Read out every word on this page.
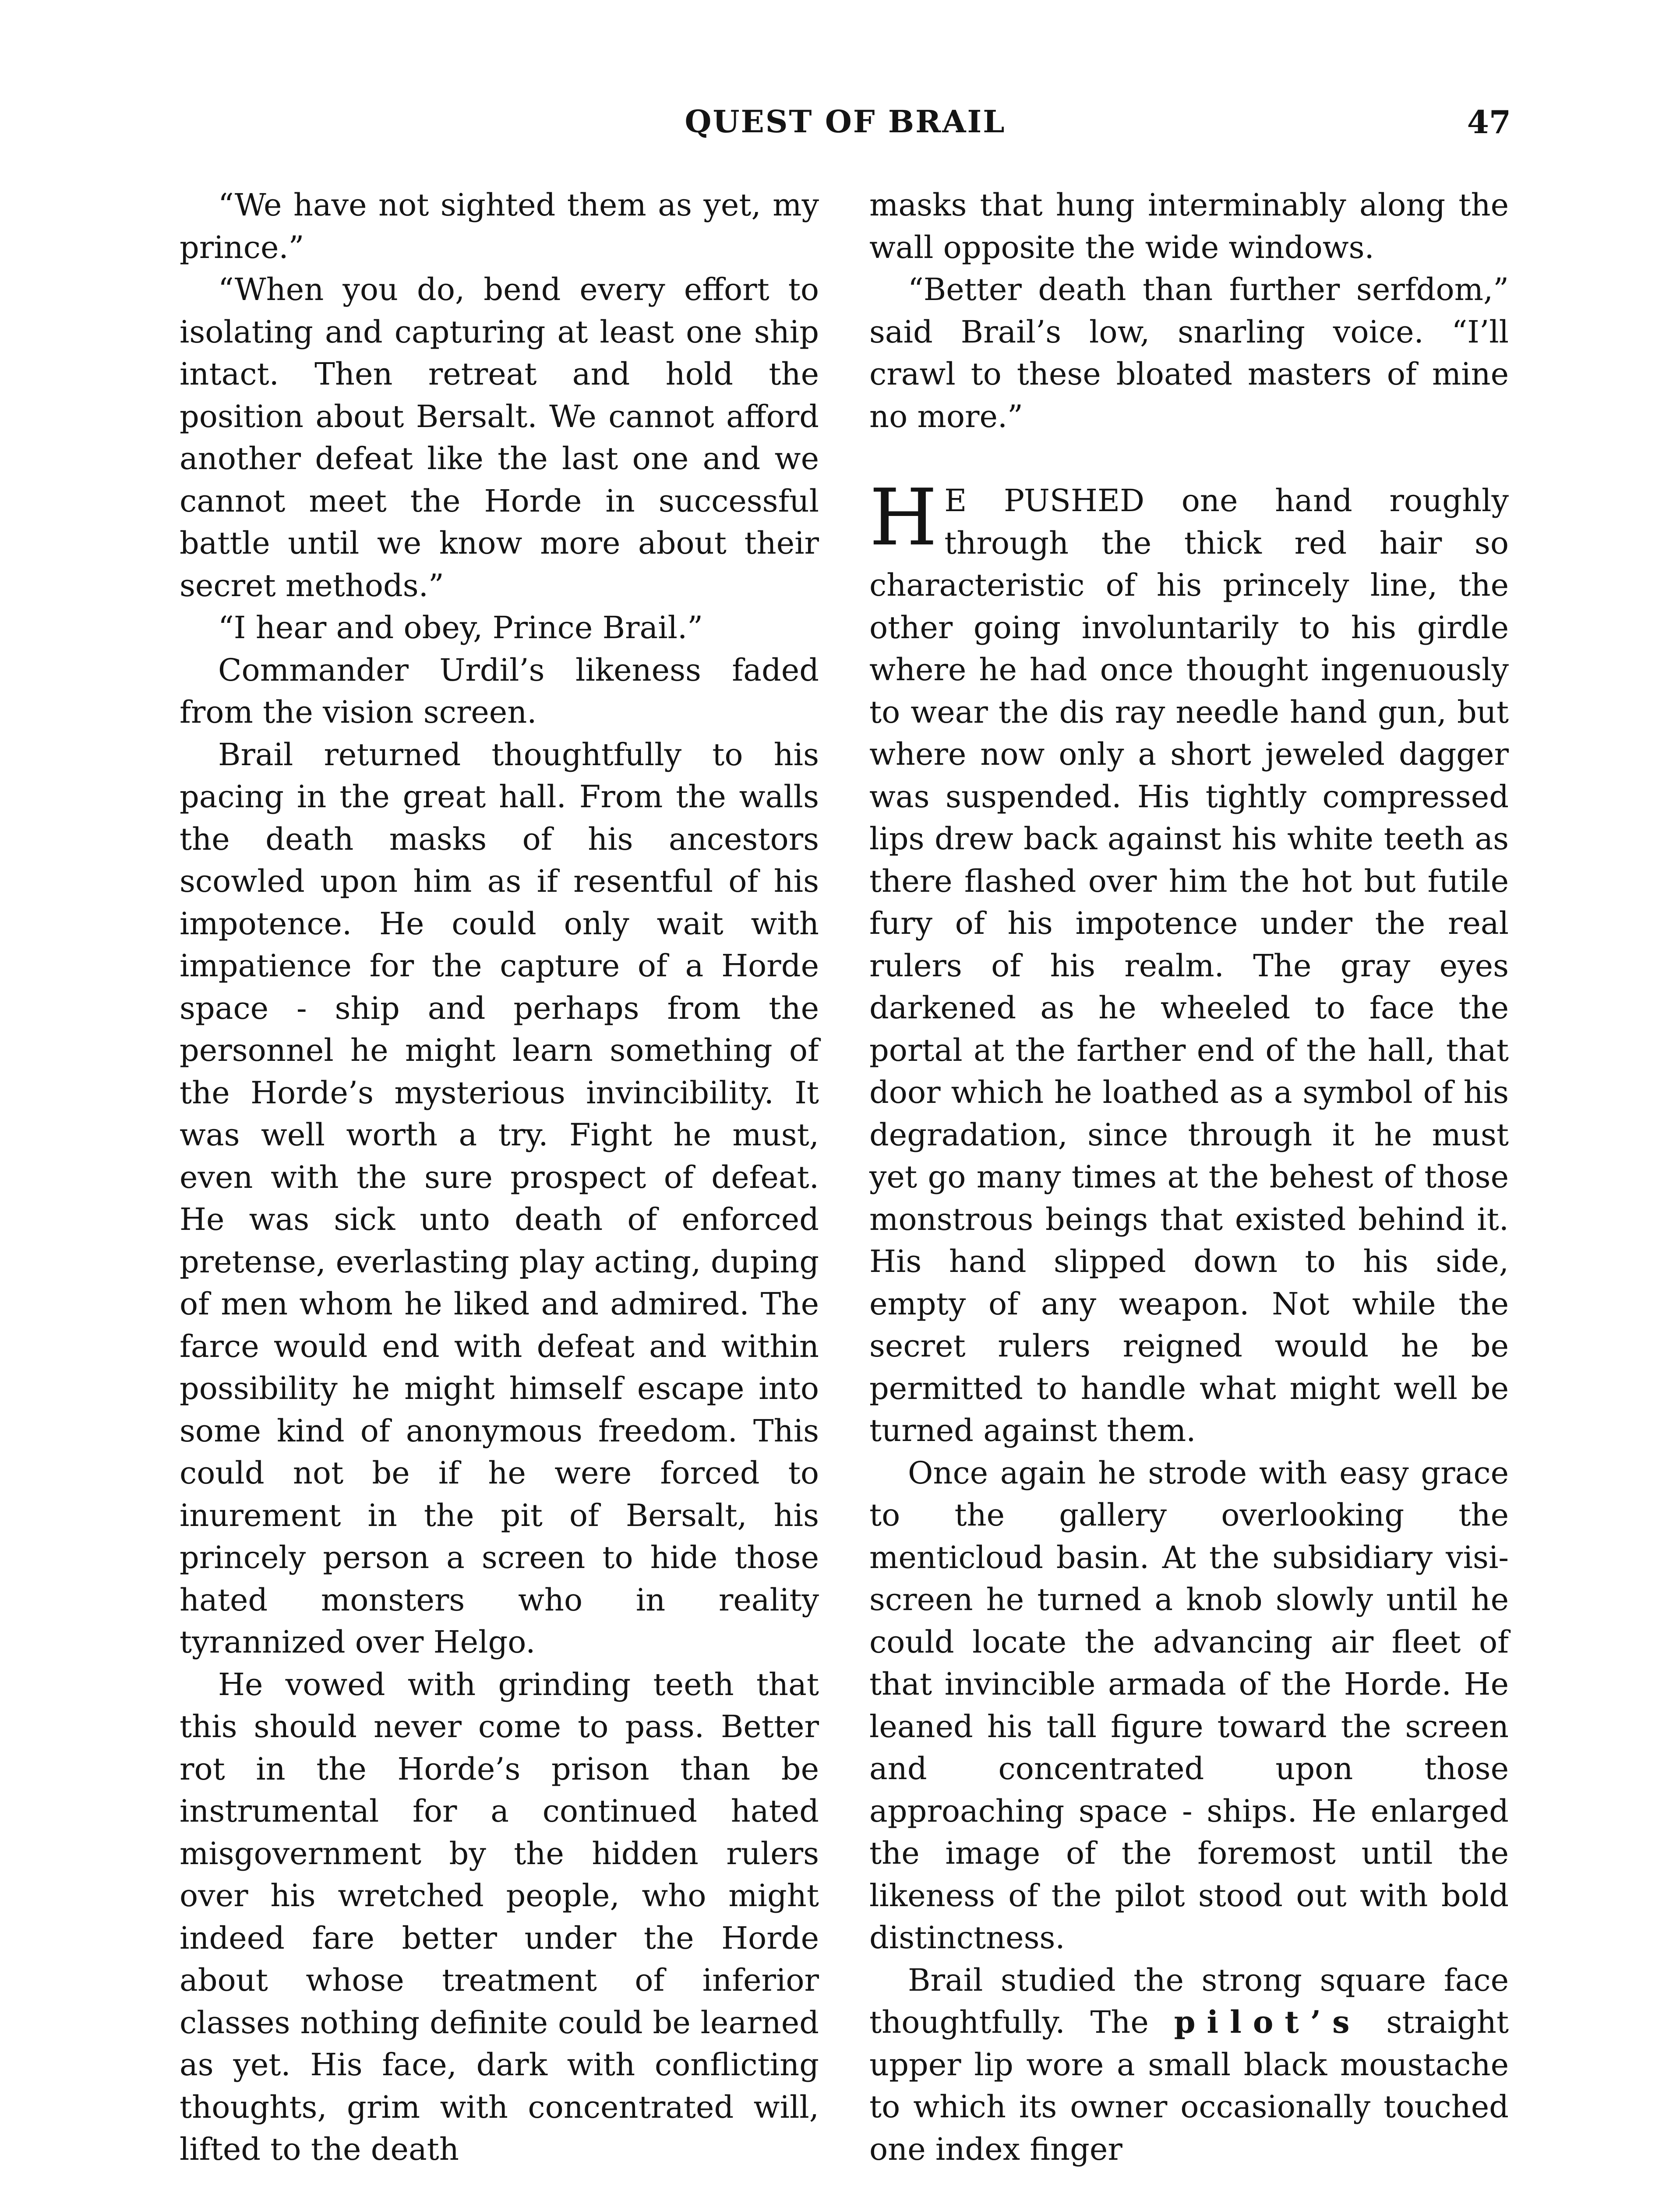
QUEST OF BRAIL	47

“We have not sighted them as yet, my prince.”

“When you do, bend every effort to isolating and capturing at least one ship intact. Then retreat and hold the position about Bersalt. We cannot afford another defeat like the last one and we cannot meet the Horde in successful battle until we know more about their secret methods.”

“I hear and obey, Prince Brail.”

Commander Urdil’s likeness faded from the vision screen.

Brail returned thoughtfully to his pacing in the great hall. From the walls the death masks of his ancestors scowled upon him as if resentful of his impotence. He could only wait with impatience for the capture of a Horde space - ship and perhaps from the personnel he might learn something of the Horde’s mysterious invincibility. It was well worth a try. Fight he must, even with the sure prospect of defeat. He was sick unto death of enforced pretense, everlasting play acting, duping of men whom he liked and admired. The farce would end with defeat and within possibility he might himself escape into some kind of anonymous freedom. This could not be if he were forced to inurement in the pit of Bersalt, his princely person a screen to hide those hated monsters who in reality tyrannized over Helgo.

He vowed with grinding teeth that this should never come to pass. Better rot in the Horde’s prison than be instrumental for a continued hated misgovernment by the hidden rulers over his wretched people, who might indeed fare better under the Horde about whose treatment of inferior classes nothing definite could be learned as yet. His face, dark with conflicting thoughts, grim with concentrated will, lifted to the death

masks that hung interminably along the wall opposite the wide windows.

“Better death than further serfdom,” said Brail’s low, snarling voice. “I’ll crawl to these bloated masters of mine no more.”

H E PUSHED one hand roughly through the thick red hair so characteristic of his princely line, the other going involuntarily to his girdle where he had once thought ingenuously to wear the dis ray needle hand gun, but where now only a short jeweled dagger was suspended. His tightly compressed lips drew back against his white teeth as there flashed over him the hot but futile fury of his impotence under the real rulers of his realm. The gray eyes darkened as he wheeled to face the portal at the farther end of the hall, that door which he loathed as a symbol of his degradation, since through it he must yet go many times at the behest of those monstrous beings that existed behind it. His hand slipped down to his side, empty of any weapon. Not while the secret rulers reigned would he be permitted to handle what might well be turned against them.

Once again he strode with easy grace to the gallery overlooking the menticloud basin. At the subsidiary visi-screen he turned a knob slowly until he could locate the advancing air fleet of that invincible armada of the Horde. He leaned his tall figure toward the screen and concentrated upon those approaching space - ships. He enlarged the image of the foremost until the likeness of the pilot stood out with bold distinctness.

Brail studied the strong square face thoughtfully. The pilot’s straight upper lip wore a small black moustache to which its owner occasionally touched one index finger
